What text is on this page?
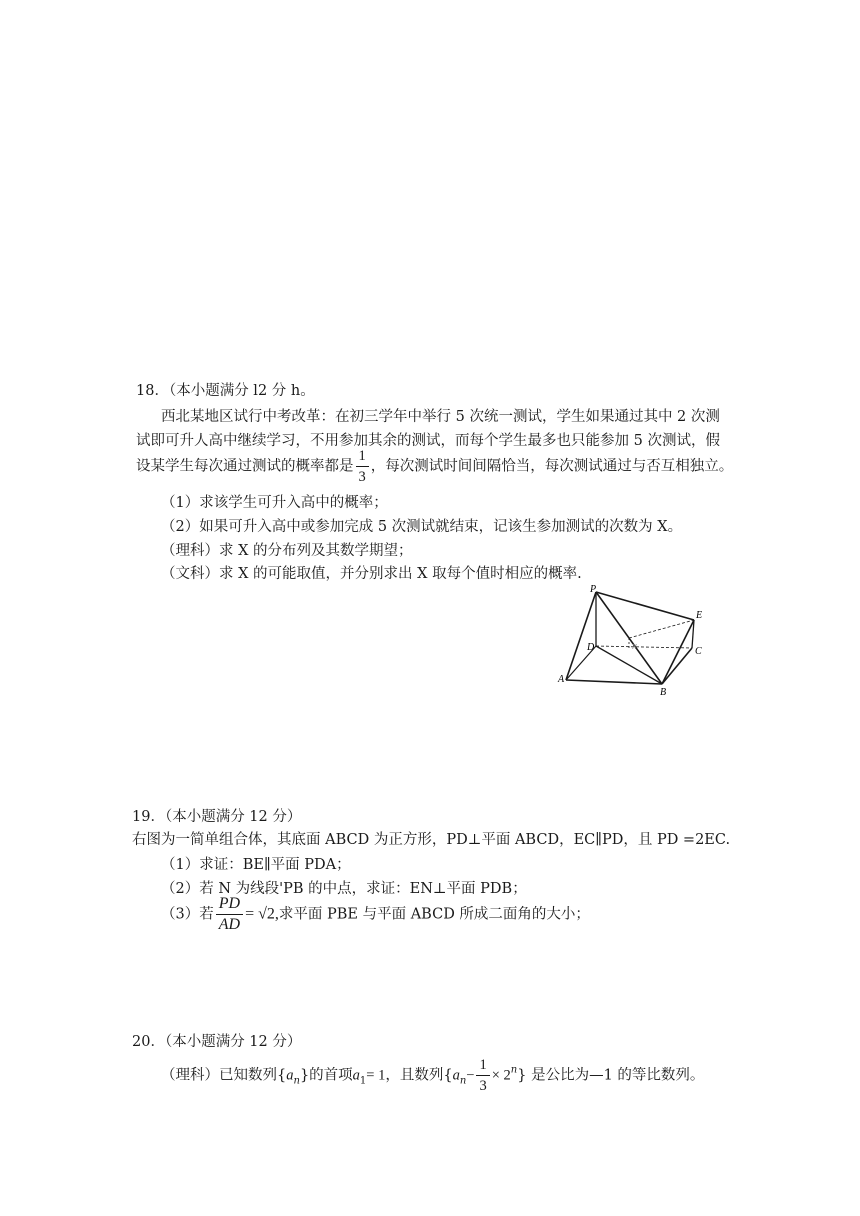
18．（本小题满分 l2 分 h。
西北某地区试行中考改革：在初三学年中举行 5 次统一测试，学生如果通过其中 2 次测
试即可升人高中继续学习，不用参加其余的测试，而每个学生最多也只能参加 5 次测试，假
设某学生每次通过测试的概率都是 $\frac{1}{3}$ ，每次测试时间间隔恰当，每次测试通过与否互相独立。
（1）求该学生可升入高中的概率；
（2）如果可升入高中或参加完成 5 次测试就结束，记该生参加测试的次数为 X。
（理科）求 X 的分布列及其数学期望；
（文科）求 X 的可能取值，并分别求出 X 取每个值时相应的概率.
P
E
D	C
A
B
N
19．（本小题满分 12 分）
右图为一简单组合体，其底面 ABCD 为正方形，PD⊥平面 ABCD，EC∥PD，且 PD =2EC.
（1）求证：BE∥平面 PDA；
（2）若 N 为线段'PB 的中点，求证：EN⊥平面 PDB；
（3）若 $\frac{PD}{AD} = √2$,求平面 PBE 与平面 ABCD 所成二面角的大小；
20．（本小题满分 12 分）
（理科）已知数列$\{a_n\}$的首项$a_1= 1$，且数列$\{a_n- \frac{1}{3} \times 2^n\}$ 是公比为—1 的等比数列。
